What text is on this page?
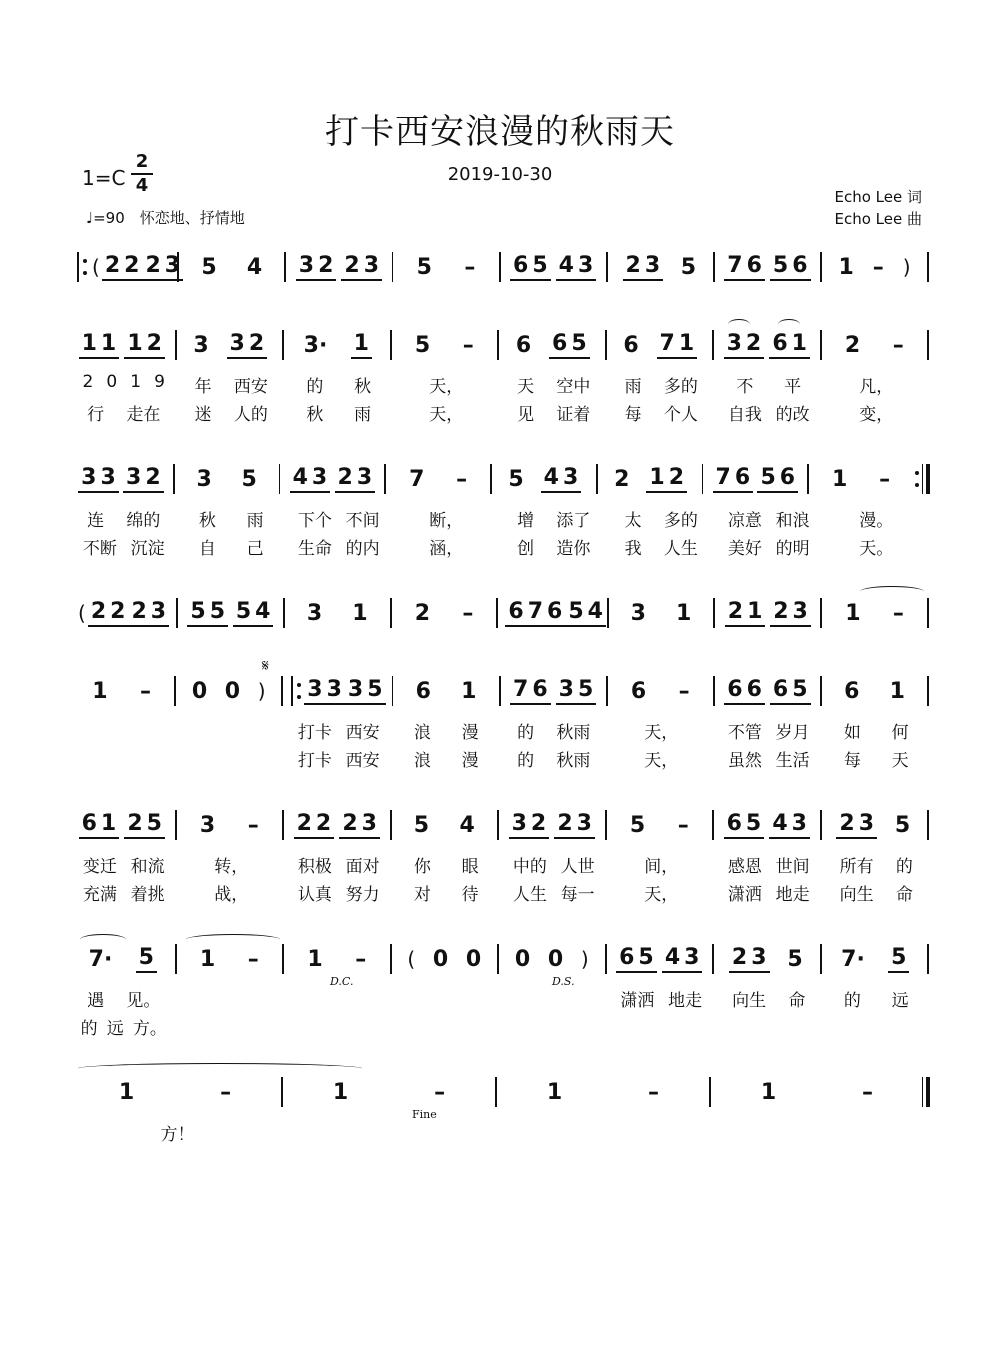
打卡西安浪漫的秋雨天
2019-10-30
1=C
2
4
♩=90　怀恋地、抒情地
Echo Lee 词
Echo Lee 曲
( 2 2 2 3 5 4 3 2 2 3 5 – 6 5 4 3 2 3 5 7 6 5 6 1 – )
1 1 1 2 3 3 2 3· 1 5 – 6 6 5 6 7 1 3 2 6 1 2 –
3 3 3 2 3 5 4 3 2 3 7 – 5 4 3 2 1 2 7 6 5 6 1 –
( 2 2 2 3 5 5 5 4 3 1 2 – 6 7 6 5 4 3 1 2 1 2 3 1 –
1 – 0 0 ) 3 3 3 5 6 1 7 6 3 5 6 – 6 6 6 5 6 1
6 1 2 5 3 – 2 2 2 3 5 4 3 2 2 3 5 – 6 5 4 3 2 3 5
7· 5 1 – 1 – ( 0 0 0 0 ) 6 5 4 3 2 3 5 7· 5
1	–	1	–	1	–	1	–
2 0 1 9 年 西安 的 秋	天，	天 空中 雨 多的 不 平	凡，
行 走在 迷 人的 秋 雨	天，	见 证着 每 个人 自我 的改	变，
连 绵的 秋 雨 下个 不间	断，	增 添了 太 多的 凉意 和浪	漫。
不断 沉淀 自 己 生命 的内	涵，	创 造你 我 人生 美好 的明	天。
打卡 西安 浪 漫 的 秋雨	天，	不管 岁月 如 何
打卡 西安 浪 漫 的 秋雨	天，	虽然 生活 每 天
变迁 和流	转，	积极 面对 你 眼 中的 人世	间，	感恩 世间 所有 的
充满 着挑	战，	认真 努力 对 待 人生 每一	天，	潇洒 地走 向生 命
遇 见。	潇洒 地走 向生 命 的 远
的 远 方。
方！
𝄋
D.C.	D.S.
Fine
